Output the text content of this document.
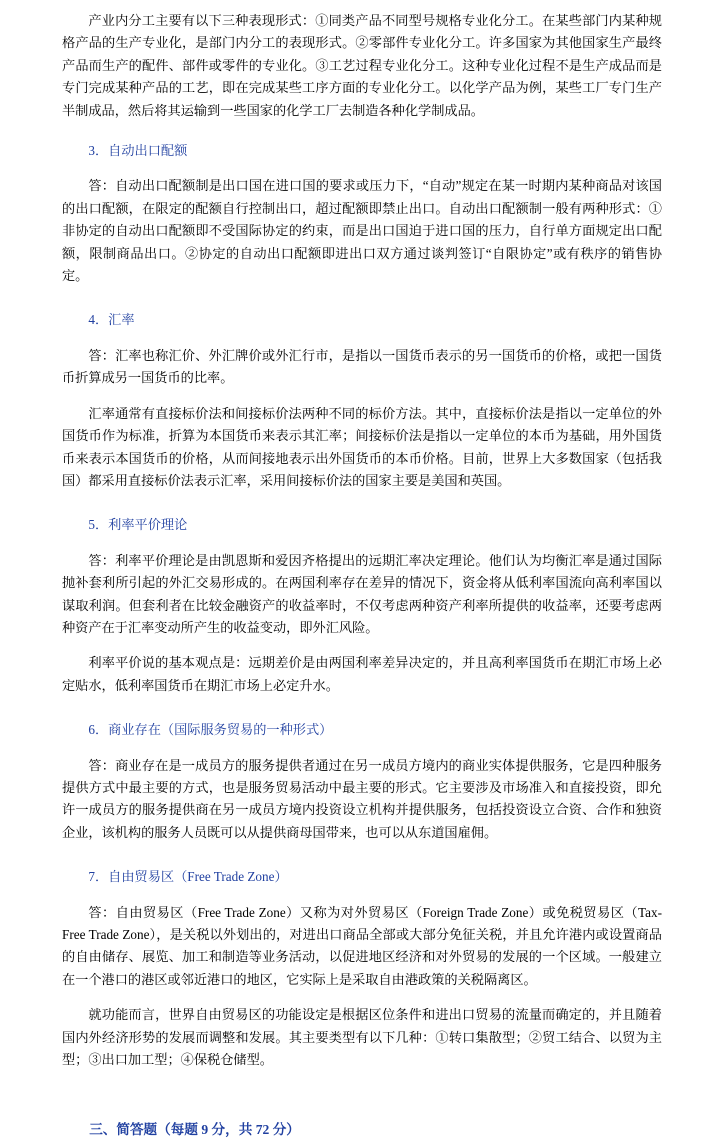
产业内分工主要有以下三种表现形式：①同类产品不同型号规格专业化分工。在某些部门内某种规格产品的生产专业化，是部门内分工的表现形式。②零部件专业化分工。许多国家为其他国家生产最终产品而生产的配件、部件或零件的专业化。③工艺过程专业化分工。这种专业化过程不是生产成品而是专门完成某种产品的工艺，即在完成某些工序方面的专业化分工。以化学产品为例，某些工厂专门生产半制成品，然后将其运输到一些国家的化学工厂去制造各种化学制成品。

3．自动出口配额

答：自动出口配额制是出口国在进口国的要求或压力下，“自动”规定在某一时期内某种商品对该国的出口配额，在限定的配额自行控制出口，超过配额即禁止出口。自动出口配额制一般有两种形式：①非协定的自动出口配额即不受国际协定的约束，而是出口国迫于进口国的压力，自行单方面规定出口配额，限制商品出口。②协定的自动出口配额即进出口双方通过谈判签订“自限协定”或有秩序的销售协定。

4．汇率

答：汇率也称汇价、外汇牌价或外汇行市，是指以一国货币表示的另一国货币的价格，或把一国货币折算成另一国货币的比率。

汇率通常有直接标价法和间接标价法两种不同的标价方法。其中，直接标价法是指以一定单位的外国货币作为标准，折算为本国货币来表示其汇率；间接标价法是指以一定单位的本币为基础，用外国货币来表示本国货币的价格，从而间接地表示出外国货币的本币价格。目前，世界上大多数国家（包括我国）都采用直接标价法表示汇率，采用间接标价法的国家主要是美国和英国。

5．利率平价理论

答：利率平价理论是由凯恩斯和爱因齐格提出的远期汇率决定理论。他们认为均衡汇率是通过国际抛补套利所引起的外汇交易形成的。在两国利率存在差异的情况下，资金将从低利率国流向高利率国以谋取利润。但套利者在比较金融资产的收益率时，不仅考虑两种资产利率所提供的收益率，还要考虑两种资产在于汇率变动所产生的收益变动，即外汇风险。

利率平价说的基本观点是：远期差价是由两国利率差异决定的，并且高利率国货币在期汇市场上必定贴水，低利率国货币在期汇市场上必定升水。

6．商业存在（国际服务贸易的一种形式）

答：商业存在是一成员方的服务提供者通过在另一成员方境内的商业实体提供服务，它是四种服务提供方式中最主要的方式，也是服务贸易活动中最主要的形式。它主要涉及市场准入和直接投资，即允许一成员方的服务提供商在另一成员方境内投资设立机构并提供服务，包括投资设立合资、合作和独资企业，该机构的服务人员既可以从提供商母国带来，也可以从东道国雇佣。

7．自由贸易区（Free Trade Zone）

答：自由贸易区（Free Trade Zone）又称为对外贸易区（Foreign Trade Zone）或免税贸易区（Tax-Free Trade Zone），是关税以外划出的，对进出口商品全部或大部分免征关税，并且允许港内或设置商品的自由储存、展览、加工和制造等业务活动，以促进地区经济和对外贸易的发展的一个区域。一般建立在一个港口的港区或邻近港口的地区，它实际上是采取自由港政策的关税隔离区。

就功能而言，世界自由贸易区的功能设定是根据区位条件和进出口贸易的流量而确定的，并且随着国内外经济形势的发展而调整和发展。其主要类型有以下几种：①转口集散型；②贸工结合、以贸为主型；③出口加工型；④保税仓储型。

三、简答题（每题 9 分，共 72 分）
